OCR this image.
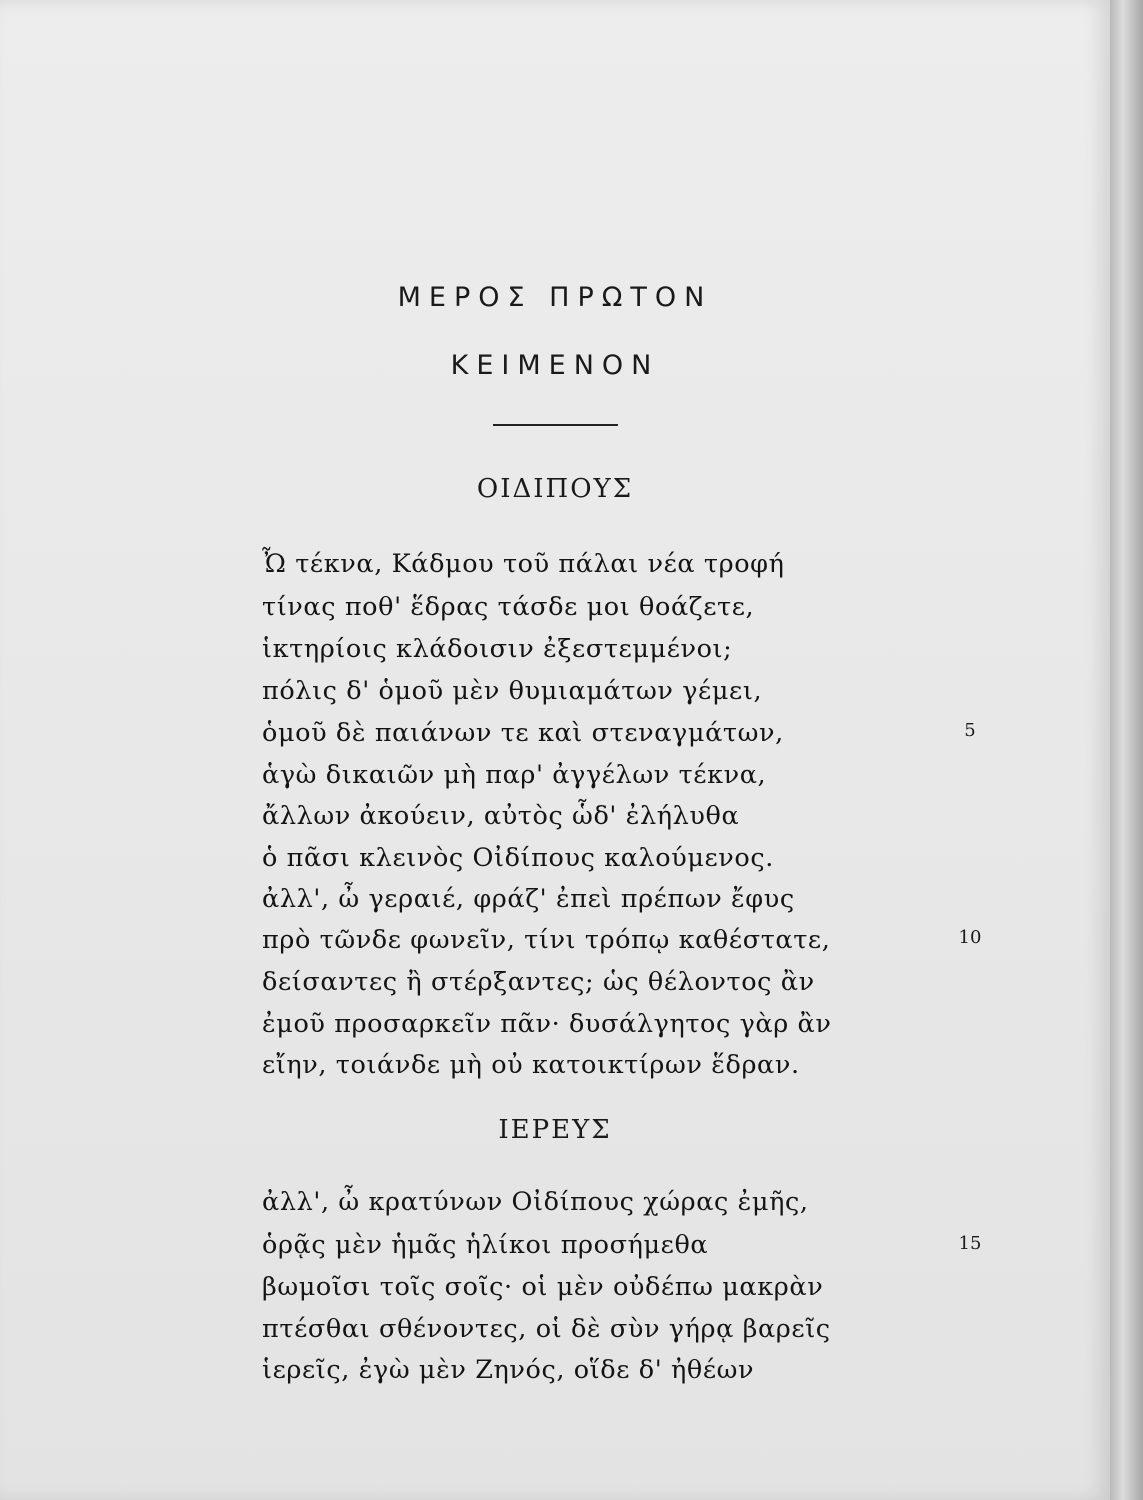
ΜΕΡΟΣ ΠΡΩΤΟΝ
ΚΕΙΜΕΝΟΝ
ΟΙΔΙΠΟΥΣ
Ὦ τέκνα, Κάδμου τοῦ πάλαι νέα τροφή
τίνας ποθ' ἕδρας τάσδε μοι θοάζετε,
ἱκτηρίοις κλάδοισιν ἐξεστεμμένοι;
πόλις δ' ὁμοῦ μὲν θυμιαμάτων γέμει,
ὁμοῦ δὲ παιάνων τε καὶ στεναγμάτων,
ἁγὼ δικαιῶν μὴ παρ' ἀγγέλων τέκνα,
ἄλλων ἀκούειν, αὐτὸς ὧδ' ἐλήλυθα
ὁ πᾶσι κλεινὸς Οἰδίπους καλούμενος.
ἀλλ', ὦ γεραιέ, φράζ' ἐπεὶ πρέπων ἔφυς
πρὸ τῶνδε φωνεῖν, τίνι τρόπῳ καθέστατε,
δείσαντες ἢ στέρξαντες; ὡς θέλοντος ἂν
ἐμοῦ προσαρκεῖν πᾶν· δυσάλγητος γὰρ ἂν
εἴην, τοιάνδε μὴ οὐ κατοικτίρων ἕδραν.
ΙΕΡΕΥΣ
ἀλλ', ὦ κρατύνων Οἰδίπους χώρας ἐμῆς,
ὁρᾷς μὲν ἡμᾶς ἡλίκοι προσήμεθα
βωμοῖσι τοῖς σοῖς· οἱ μὲν οὐδέπω μακρὰν
πτέσθαι σθένοντες, οἱ δὲ σὺν γήρᾳ βαρεῖς
ἱερεῖς, ἐγὼ μὲν Ζηνός, οἵδε δ' ἠθέων
5
10
15
